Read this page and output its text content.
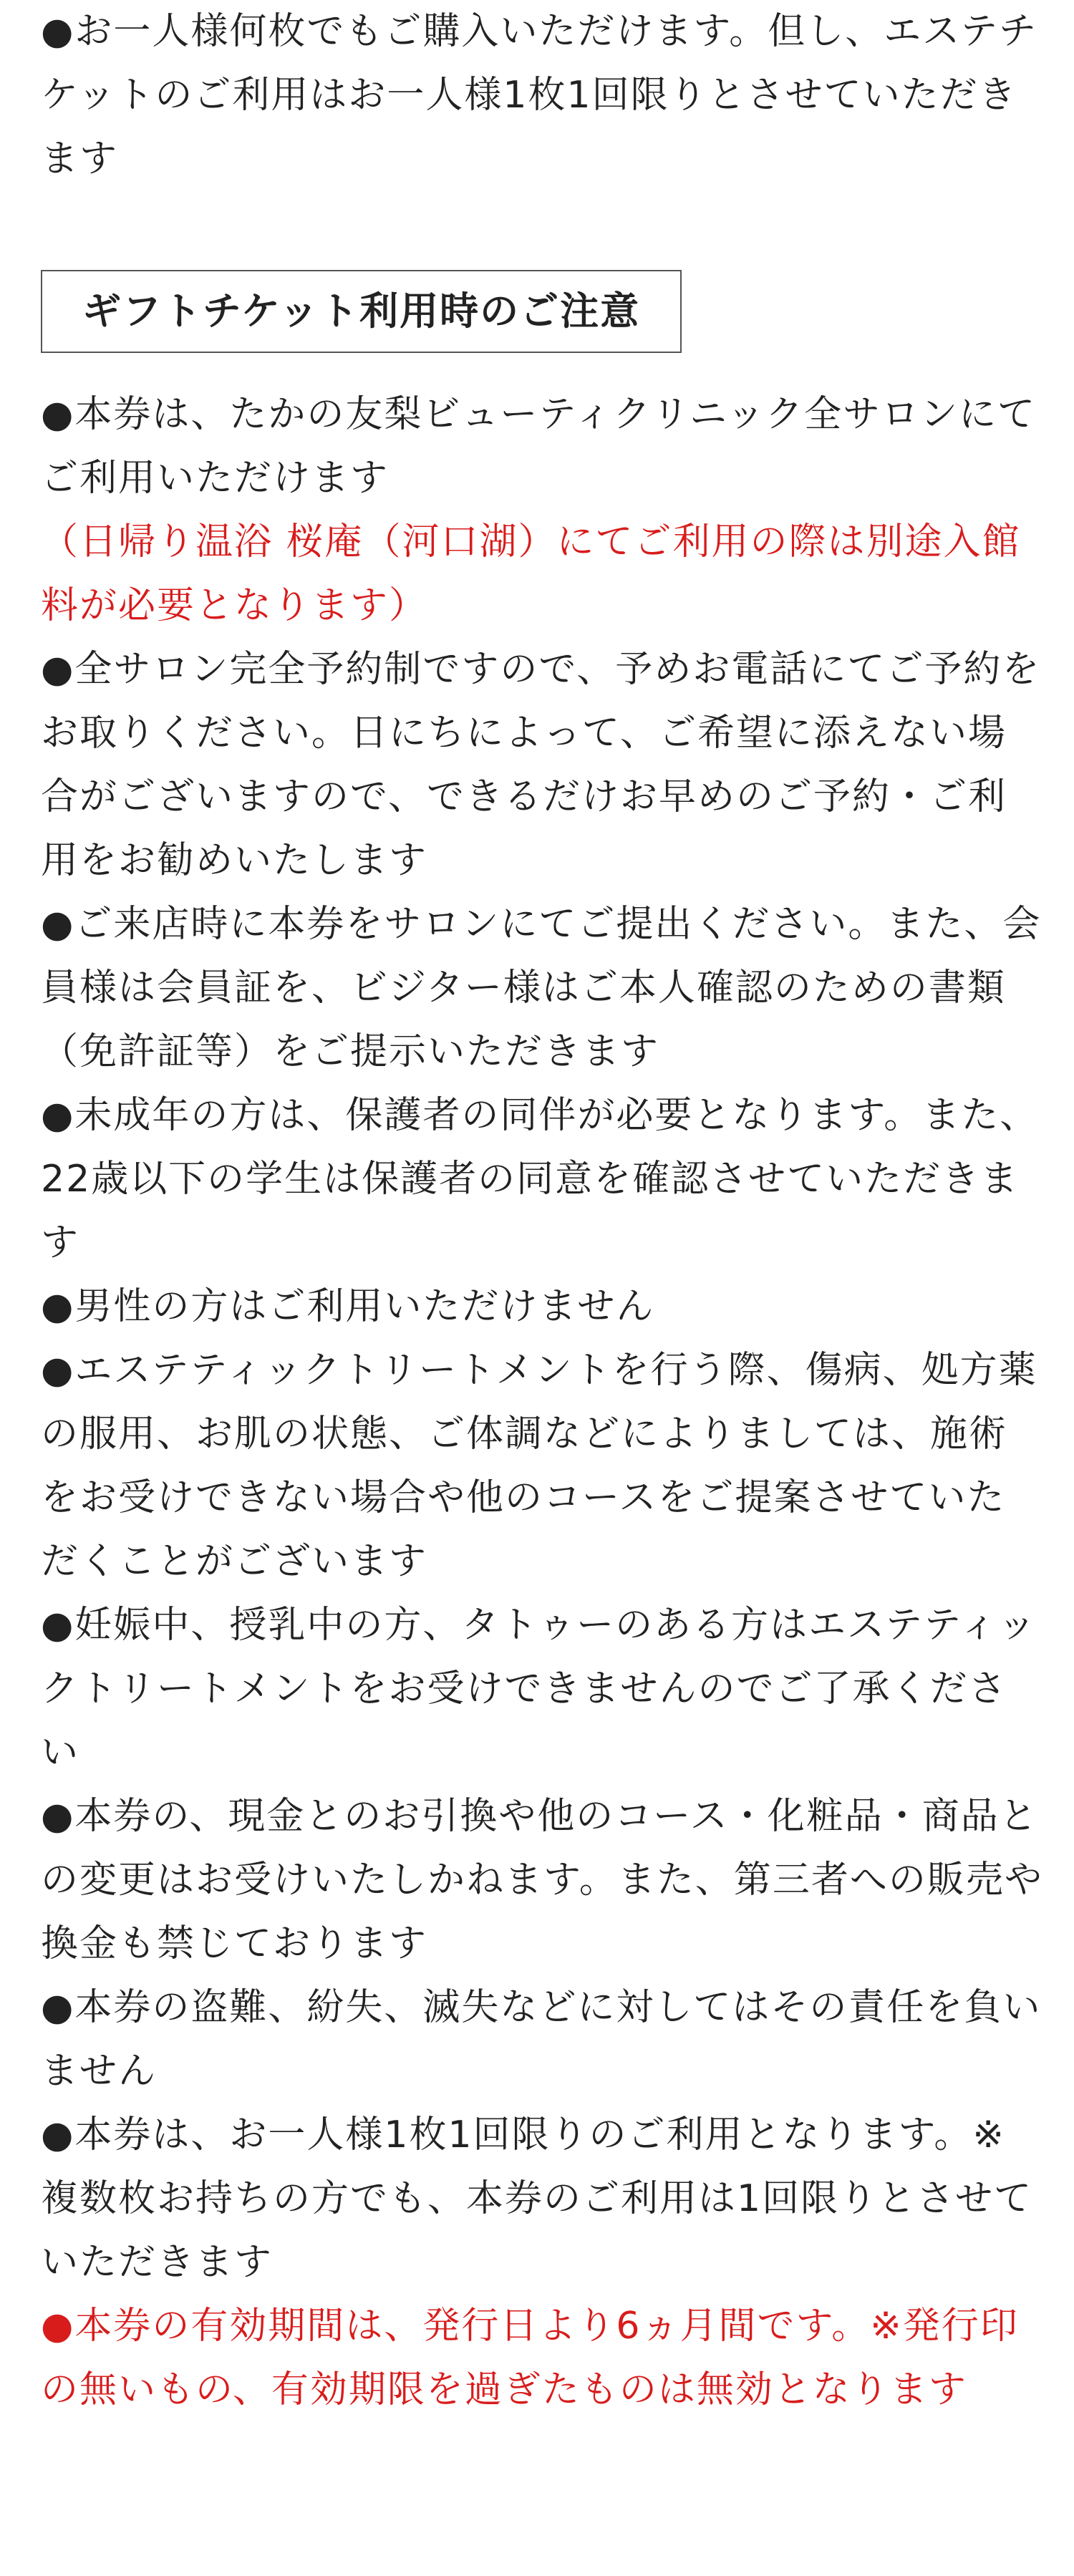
●お一人様何枚でもご購入いただけます。但し、エステチケットのご利用はお一人様1枚1回限りとさせていただきます

ギフトチケット利用時のご注意
●本券は、たかの友梨ビューティクリニック全サロンにてご利用いただけます
（日帰り温浴 桜庵（河口湖）にてご利用の際は別途入館料が必要となります）
●全サロン完全予約制ですので、予めお電話にてご予約をお取りください。日にちによって、ご希望に添えない場合がございますので、できるだけお早めのご予約・ご利用をお勧めいたします
●ご来店時に本券をサロンにてご提出ください。また、会員様は会員証を、ビジター様はご本人確認のための書類（免許証等）をご提示いただきます
●未成年の方は、保護者の同伴が必要となります。また、22歳以下の学生は保護者の同意を確認させていただきます
●男性の方はご利用いただけません
●エステティックトリートメントを行う際、傷病、処方薬の服用、お肌の状態、ご体調などによりましては、施術をお受けできない場合や他のコースをご提案させていただくことがございます
●妊娠中、授乳中の方、タトゥーのある方はエステティックトリートメントをお受けできませんのでご了承ください
●本券の、現金とのお引換や他のコース・化粧品・商品との変更はお受けいたしかねます。また、第三者への販売や換金も禁じております
●本券の盗難、紛失、滅失などに対してはその責任を負いません
●本券は、お一人様1枚1回限りのご利用となります。※複数枚お持ちの方でも、本券のご利用は1回限りとさせていただきます
●本券の有効期間は、発行日より6ヵ月間です。※発行印の無いもの、有効期限を過ぎたものは無効となります
